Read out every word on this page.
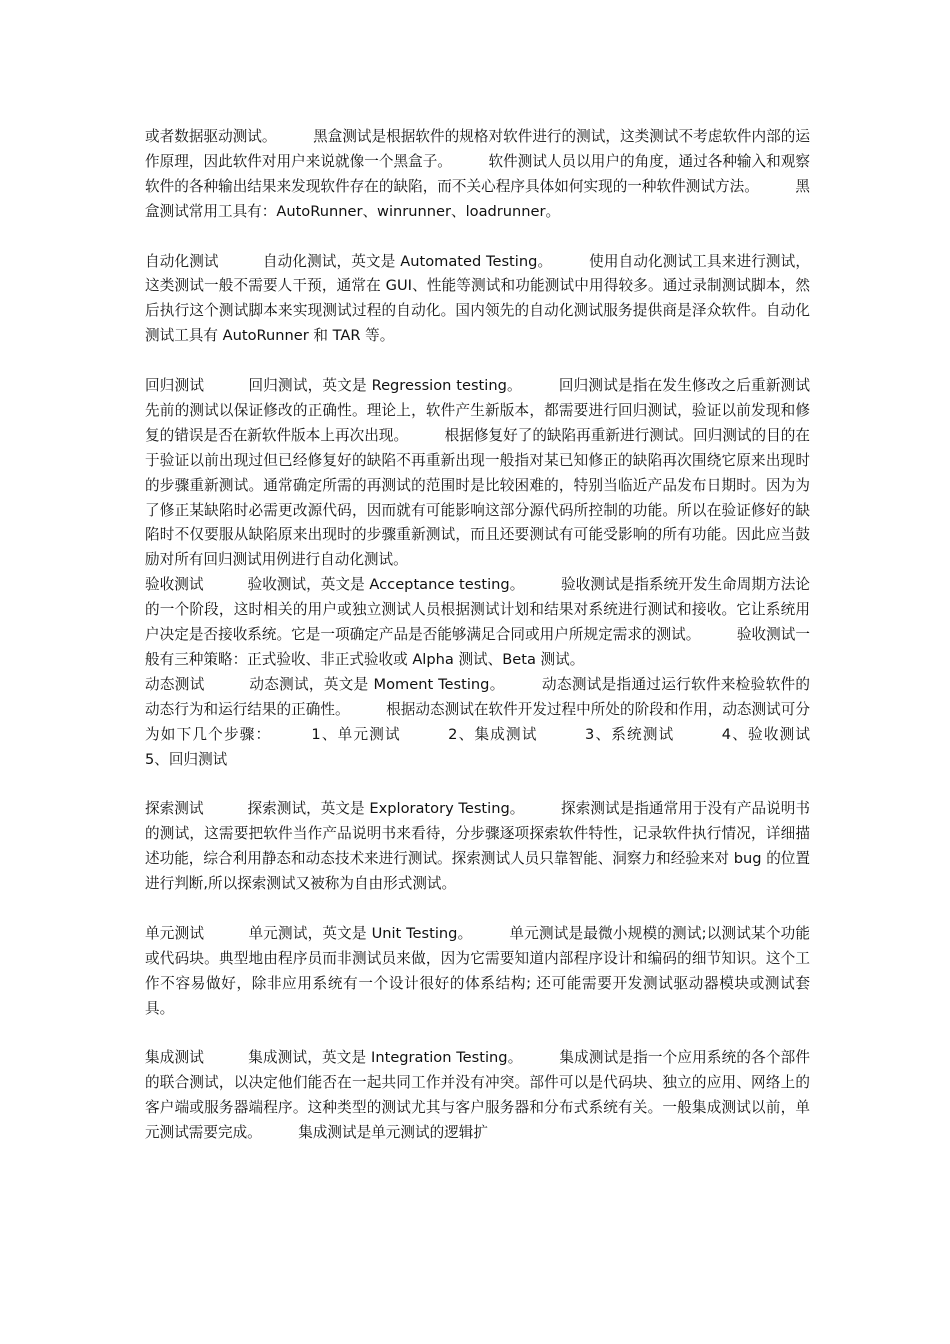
或者数据驱动测试。　　　黑盒测试是根据软件的规格对软件进行的测试，这类测试不考虑软件内部的运作原理，因此软件对用户来说就像一个黑盒子。　　　软件测试人员以用户的角度，通过各种输入和观察软件的各种输出结果来发现软件存在的缺陷，而不关心程序具体如何实现的一种软件测试方法。　　　黑盒测试常用工具有：AutoRunner、winrunner、loadrunner。

自动化测试　　　自动化测试，英文是 Automated Testing。　　　使用自动化测试工具来进行测试，这类测试一般不需要人干预，通常在 GUI、性能等测试和功能测试中用得较多。通过录制测试脚本，然后执行这个测试脚本来实现测试过程的自动化。国内领先的自动化测试服务提供商是泽众软件。自动化测试工具有 AutoRunner 和 TAR 等。

回归测试　　　回归测试，英文是 Regression testing。　　　回归测试是指在发生修改之后重新测试先前的测试以保证修改的正确性。理论上，软件产生新版本，都需要进行回归测试，验证以前发现和修复的错误是否在新软件版本上再次出现。　　　根据修复好了的缺陷再重新进行测试。回归测试的目的在于验证以前出现过但已经修复好的缺陷不再重新出现一般指对某已知修正的缺陷再次围绕它原来出现时的步骤重新测试。通常确定所需的再测试的范围时是比较困难的，特别当临近产品发布日期时。因为为了修正某缺陷时必需更改源代码，因而就有可能影响这部分源代码所控制的功能。所以在验证修好的缺陷时不仅要服从缺陷原来出现时的步骤重新测试，而且还要测试有可能受影响的所有功能。因此应当鼓励对所有回归测试用例进行自动化测试。

验收测试　　　验收测试，英文是 Acceptance testing。　　　验收测试是指系统开发生命周期方法论的一个阶段，这时相关的用户或独立测试人员根据测试计划和结果对系统进行测试和接收。它让系统用户决定是否接收系统。它是一项确定产品是否能够满足合同或用户所规定需求的测试。　　　验收测试一般有三种策略：正式验收、非正式验收或 Alpha 测试、Beta 测试。

动态测试　　　动态测试，英文是 Moment Testing。　　　动态测试是指通过运行软件来检验软件的动态行为和运行结果的正确性。　　　根据动态测试在软件开发过程中所处的阶段和作用，动态测试可分为如下几个步骤：　　　1、单元测试　　　2、集成测试　　　3、系统测试　　　4、验收测试　　　5、回归测试

探索测试　　　探索测试，英文是 Exploratory Testing。　　　探索测试是指通常用于没有产品说明书的测试，这需要把软件当作产品说明书来看待，分步骤逐项探索软件特性，记录软件执行情况，详细描述功能，综合利用静态和动态技术来进行测试。探索测试人员只靠智能、洞察力和经验来对 bug 的位置进行判断,所以探索测试又被称为自由形式测试。

单元测试　　　单元测试，英文是 Unit Testing。　　　单元测试是最微小规模的测试;以测试某个功能或代码块。典型地由程序员而非测试员来做，因为它需要知道内部程序设计和编码的细节知识。这个工作不容易做好，除非应用系统有一个设计很好的体系结构; 还可能需要开发测试驱动器模块或测试套具。

集成测试　　　集成测试，英文是 Integration Testing。　　　集成测试是指一个应用系统的各个部件的联合测试，以决定他们能否在一起共同工作并没有冲突。部件可以是代码块、独立的应用、网络上的客户端或服务器端程序。这种类型的测试尤其与客户服务器和分布式系统有关。一般集成测试以前，单元测试需要完成。　　　集成测试是单元测试的逻辑扩
